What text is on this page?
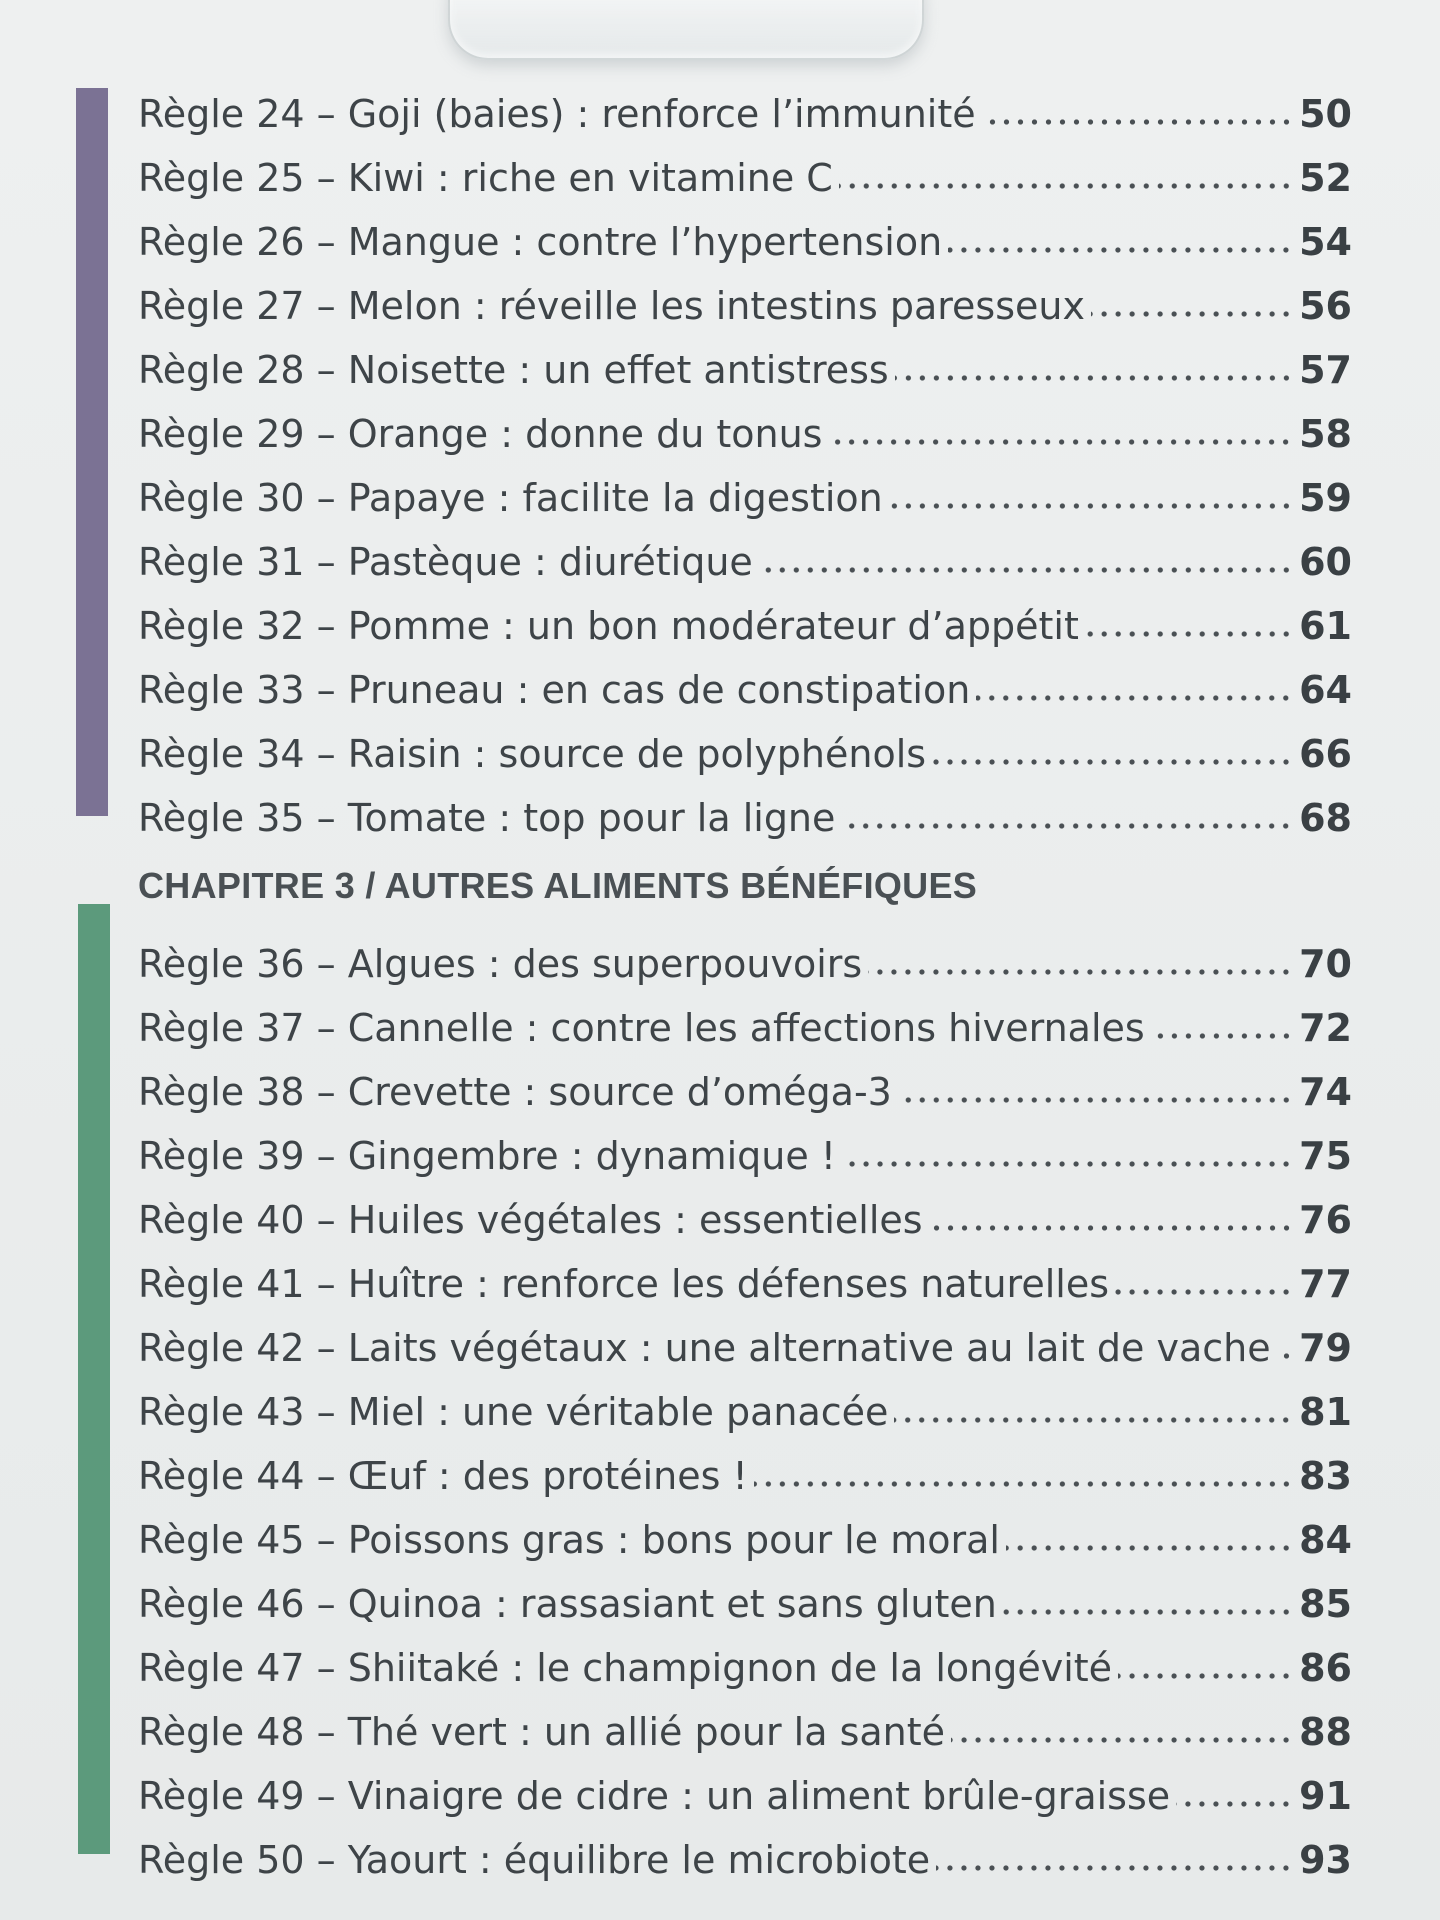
Règle 24 – Goji (baies) : renforce l’immunité	50
Règle 25 – Kiwi : riche en vitamine C	52
Règle 26 – Mangue : contre l’hypertension	54
Règle 27 – Melon : réveille les intestins paresseux	56
Règle 28 – Noisette : un effet antistress	57
Règle 29 – Orange : donne du tonus	58
Règle 30 – Papaye : facilite la digestion	59
Règle 31 – Pastèque : diurétique	60
Règle 32 – Pomme : un bon modérateur d’appétit	61
Règle 33 – Pruneau : en cas de constipation	64
Règle 34 – Raisin : source de polyphénols	66
Règle 35 – Tomate : top pour la ligne	68
CHAPITRE 3 / AUTRES ALIMENTS BÉNÉFIQUES
Règle 36 – Algues : des superpouvoirs	70
Règle 37 – Cannelle : contre les affections hivernales	72
Règle 38 – Crevette : source d’oméga-3	74
Règle 39 – Gingembre : dynamique !	75
Règle 40 – Huiles végétales : essentielles	76
Règle 41 – Huître : renforce les défenses naturelles	77
Règle 42 – Laits végétaux : une alternative au lait de vache 79
Règle 43 – Miel : une véritable panacée	81
Règle 44 – Œuf : des protéines !	83
Règle 45 – Poissons gras : bons pour le moral	84
Règle 46 – Quinoa : rassasiant et sans gluten	85
Règle 47 – Shiitaké : le champignon de la longévité	86
Règle 48 – Thé vert : un allié pour la santé	88
Règle 49 – Vinaigre de cidre : un aliment brûle-graisse	91
Règle 50 – Yaourt : équilibre le microbiote	93
